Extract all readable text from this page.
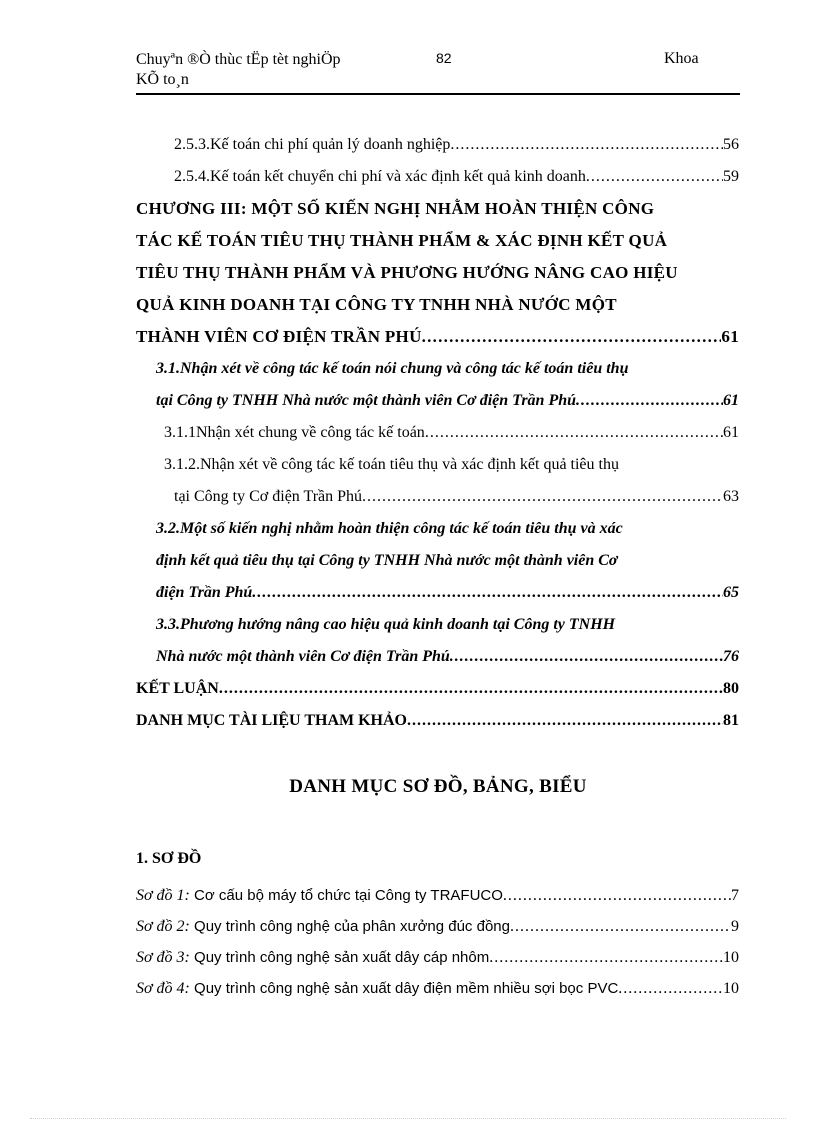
Chuyªn ®Ò thùc tËp tèt nghiÖp
KÕ to¸n
82	Khoa
2.5.3.Kế toán chi phí quản lý doanh nghiệp . . .	56
2.5.4.Kế toán kết chuyển chi phí và xác định kết quả kinh doanh . . .	59
CHƯƠNG III: MỘT SỐ KIẾN NGHỊ NHẰM HOÀN THIỆN CÔNG
TÁC KẾ TOÁN TIÊU THỤ THÀNH PHẨM & XÁC ĐỊNH KẾT QUẢ
TIÊU THỤ THÀNH PHẨM VÀ PHƯƠNG HƯỚNG NÂNG CAO HIỆU
QUẢ KINH DOANH TẠI CÔNG TY TNHH NHÀ NƯỚC MỘT
THÀNH VIÊN CƠ ĐIỆN TRẦN PHÚ . . .	61
3.1.Nhận xét về công tác kế toán nói chung và công tác kế toán tiêu thụ
tại Công ty TNHH Nhà nước một thành viên Cơ điện Trần Phú . . .	61
3.1.1Nhận xét chung về công tác kế toán . . .	61
3.1.2.Nhận xét về công tác kế toán tiêu thụ và xác định kết quả tiêu thụ
tại Công ty Cơ điện Trần Phú . . .	63
3.2.Một số kiến nghị nhằm hoàn thiện công tác kế toán tiêu thụ và xác
định kết quả tiêu thụ tại Công ty TNHH Nhà nước một thành viên Cơ
điện Trần Phú . . .	65
3.3.Phương hướng nâng cao hiệu quả kinh doanh tại Công ty TNHH
Nhà nước một thành viên Cơ điện Trần Phú . . .	76
KẾT LUẬN . . .	80
DANH MỤC TÀI LIỆU THAM KHẢO . . .	81
DANH MỤC SƠ ĐỒ, BẢNG, BIỂU
1. SƠ ĐỒ
Sơ đồ 1: Cơ cấu bộ máy tổ chức tại Công ty TRAFUCO . . .	7
Sơ đồ 2: Quy trình công nghệ của phân xưởng đúc đồng . . .	9
Sơ đồ 3: Quy trình công nghệ sản xuất dây cáp nhôm . . .	10
Sơ đồ 4: Quy trình công nghệ sản xuất dây điện mềm nhiều sợi bọc PVC . . .	10
